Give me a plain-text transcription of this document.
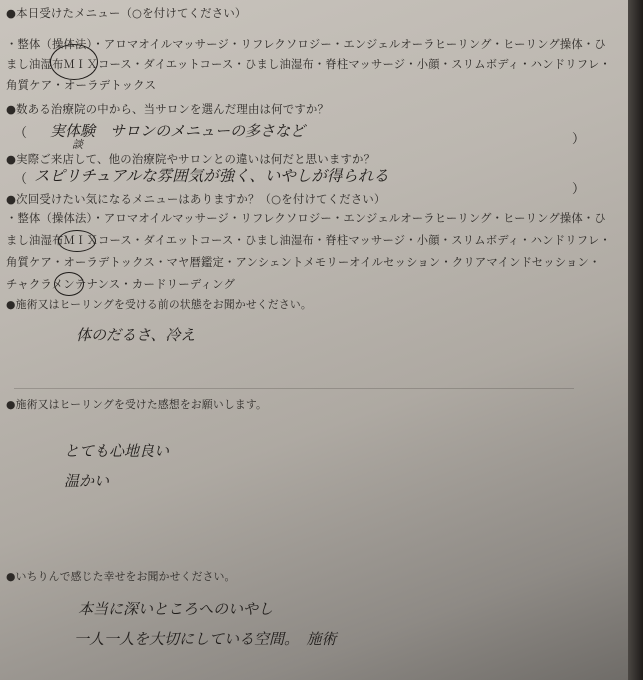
●本日受けたメニュー（○を付けてください）
・整体（操体法）・アロマオイルマッサージ・リフレクソロジー・エンジェルオーラヒーリング・ヒーリング操体・ひ
まし油湿布ＭＩＸコース・ダイエットコース・ひまし油湿布・脊柱マッサージ・小顔・スリムボディ・ハンドリフレ・
角質ケア・オーラデトックス
●数ある治療院の中から、当サロンを選んだ理由は何ですか？
（ 実体験　サロンのメニューの多さなど
談	）
●実際ご来店して、他の治療院やサロンとの違いは何だと思いますか？
（ スピリチュアルな雰囲気が強く、いやしが得られる
）
●次回受けたい気になるメニューはありますか？（○を付けてください）
・整体（操体法）・アロマオイルマッサージ・リフレクソロジー・エンジェルオーラヒーリング・ヒーリング操体・ひ
まし油湿布ＭＩＸコース・ダイエットコース・ひまし油湿布・脊柱マッサージ・小顔・スリムボディ・ハンドリフレ・
角質ケア・オーラデトックス・マヤ暦鑑定・アンシェントメモリーオイルセッション・クリアマインドセッション・
チャクラメンテナンス・カードリーディング
●施術又はヒーリングを受ける前の状態をお聞かせください。
体のだるさ、冷え
●施術又はヒーリングを受けた感想をお願いします。
とても心地良い
温かい
●いちりんで感じた幸せをお聞かせください。
本当に深いところへのいやし
一人一人を大切にしている空間。　施術
